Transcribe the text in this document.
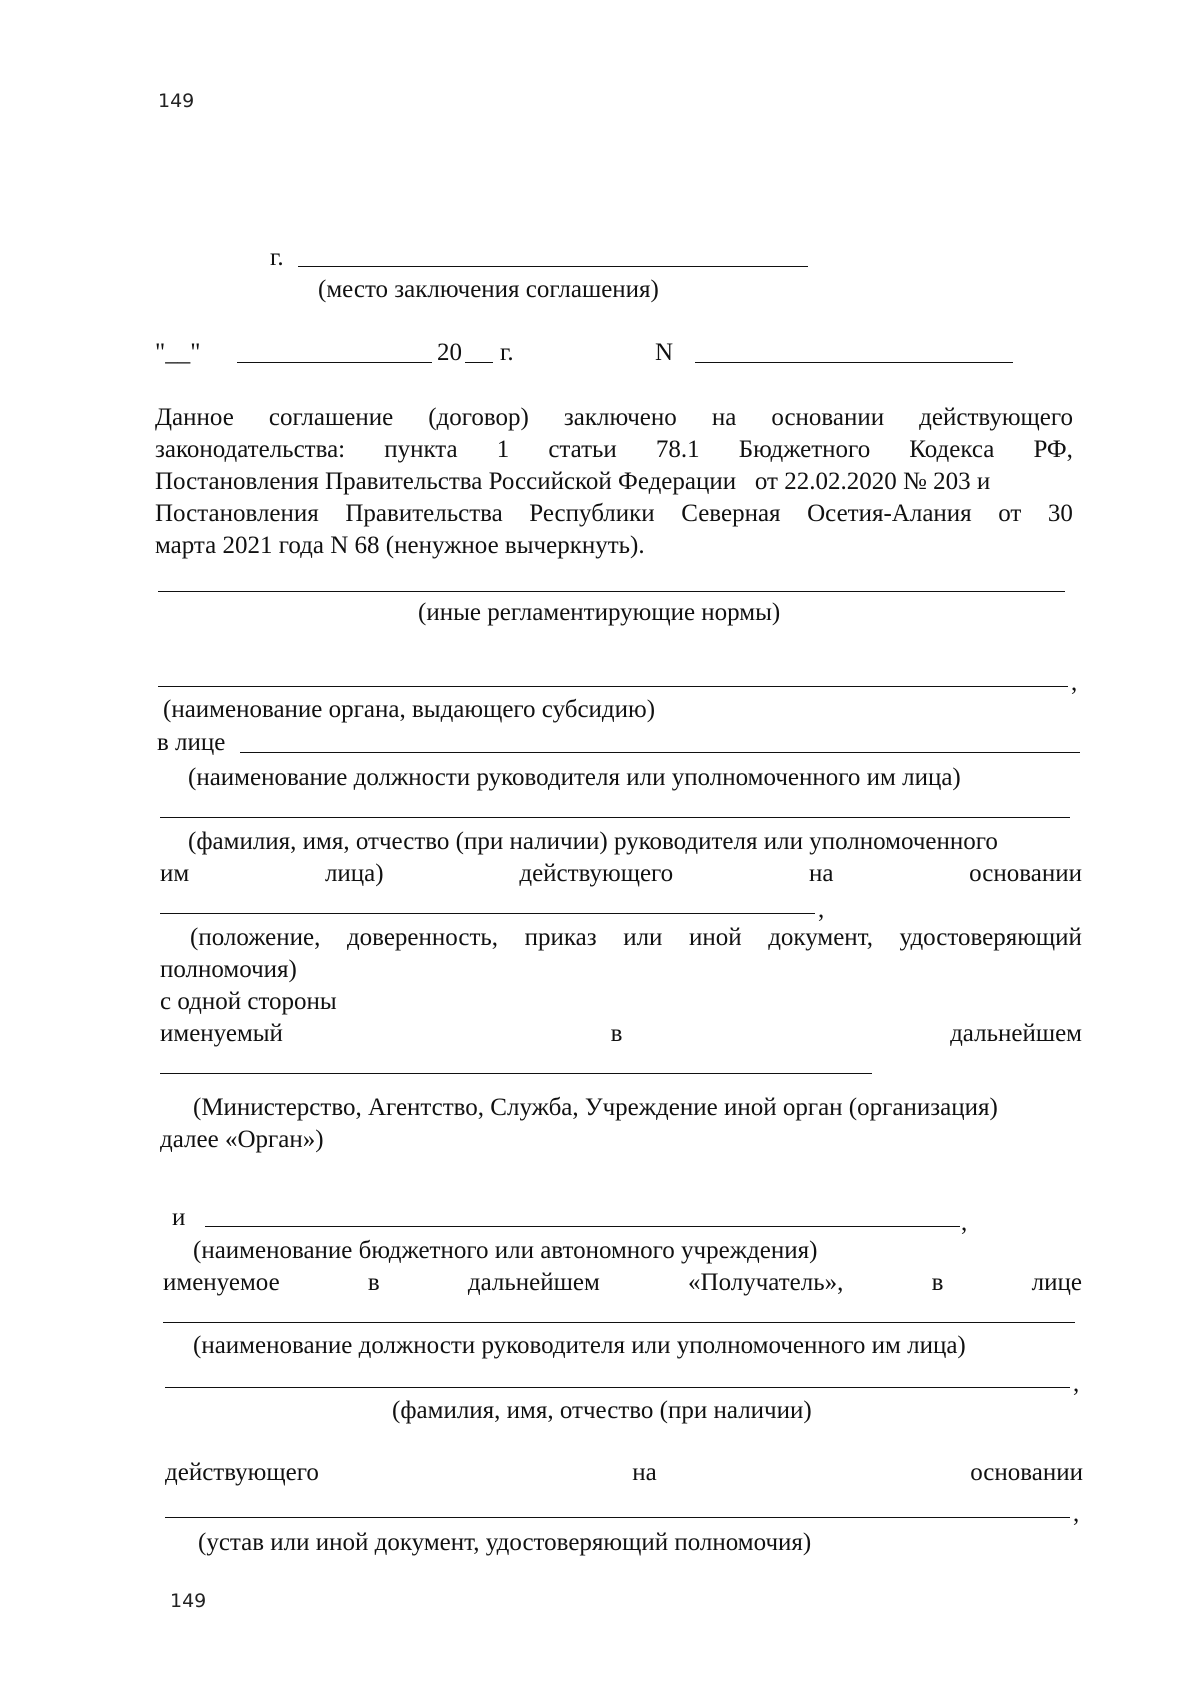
149
г.
(место заключения соглашения)
"__"	20 г.	N
Данное соглашение (договор) заключено на основании действующего
законодательства: пункта 1 статьи 78.1 Бюджетного Кодекса РФ,
Постановления Правительства Российской Федерации   от 22.02.2020 № 203 и
Постановления Правительства Республики Северная Осетия-Алания от 30
марта 2021 года N 68 (ненужное вычеркнуть).
(иные регламентирующие нормы)
,
(наименование органа, выдающего субсидию)
в лице
(наименование должности руководителя или уполномоченного им лица)
(фамилия, имя, отчество (при наличии) руководителя или уполномоченного
им	лица)	действующего	на	основании
,
(положение, доверенность, приказ или иной документ, удостоверяющий
полномочия)
с одной стороны
именуемый	в	дальнейшем
(Министерство, Агентство, Служба, Учреждение иной орган (организация)
далее «Орган»)
и	,
(наименование бюджетного или автономного учреждения)
именуемое	в	дальнейшем	«Получатель»,	в	лице
(наименование должности руководителя или уполномоченного им лица)
,
(фамилия, имя, отчество (при наличии)
действующего	на	основании
,
(устав или иной документ, удостоверяющий полномочия)
149
